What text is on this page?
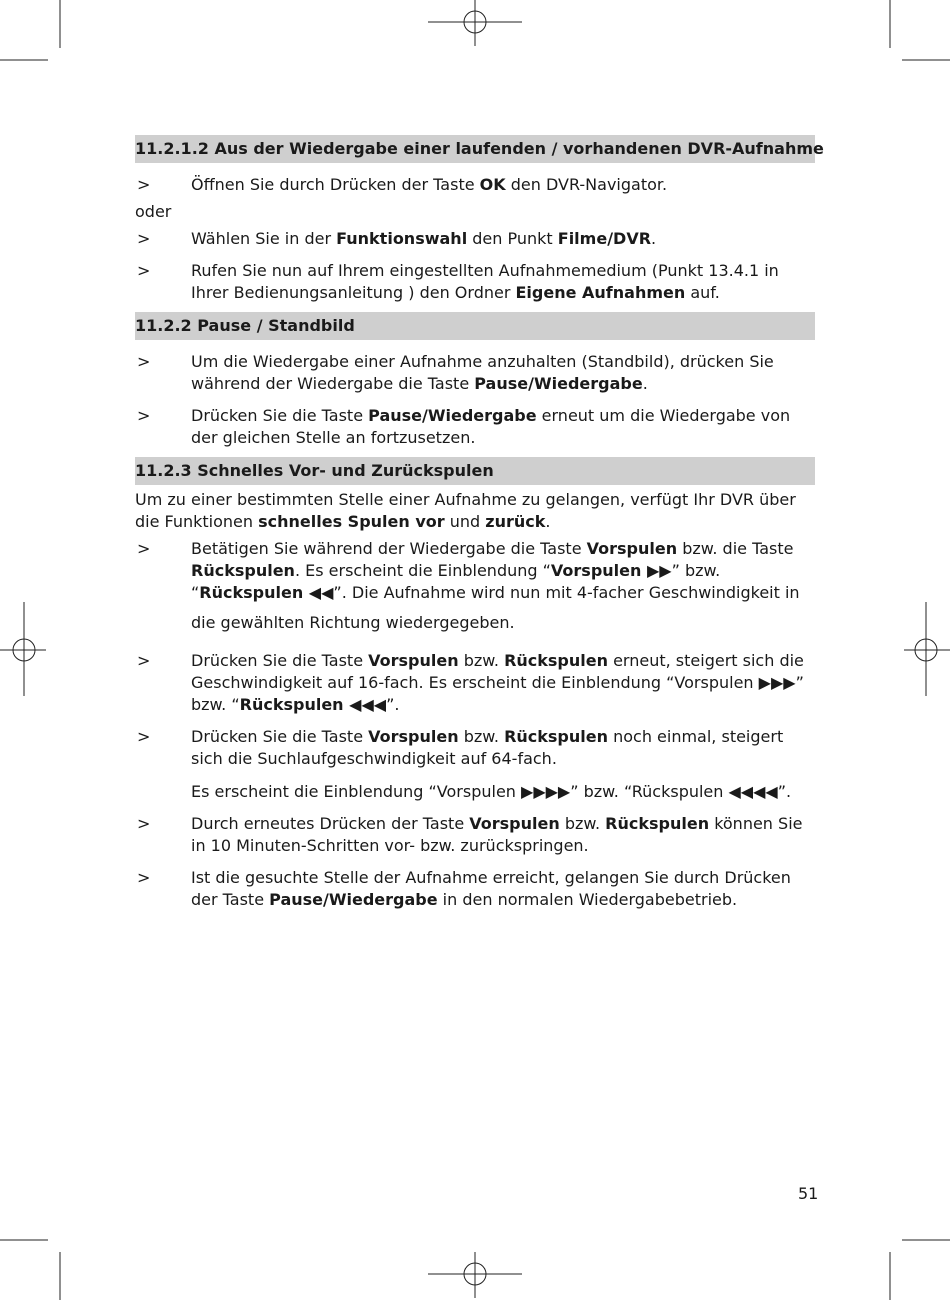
11.2.1.2 Aus der Wiedergabe einer laufenden / vorhandenen DVR-Aufnahme
>	Öffnen Sie durch Drücken der Taste OK den DVR-Navigator.
oder
>	Wählen Sie in der Funktionswahl den Punkt Filme/DVR.
>	Rufen Sie nun auf Ihrem eingestellten Aufnahmemedium (Punkt 13.4.1 in Ihrer Bedienungsanleitung ) den Ordner Eigene Aufnahmen auf.
11.2.2 Pause / Standbild
>	Um die Wiedergabe einer Aufnahme anzuhalten (Standbild), drücken Sie während der Wiedergabe die Taste Pause/Wiedergabe.
>	Drücken Sie die Taste Pause/Wiedergabe erneut um die Wiedergabe von der gleichen Stelle an fortzusetzen.
11.2.3 Schnelles Vor- und Zurückspulen
Um zu einer bestimmten Stelle einer Aufnahme zu gelangen, verfügt Ihr DVR über die Funktionen schnelles Spulen vor und zurück.
>	Betätigen Sie während der Wiedergabe die Taste Vorspulen bzw. die Taste Rückspulen. Es erscheint die Einblendung “Vorspulen ▶▶” bzw. “Rückspulen ◀◀”. Die Aufnahme wird nun mit 4-facher Geschwindigkeit in
die gewählten Richtung wiedergegeben.
>	Drücken Sie die Taste Vorspulen bzw. Rückspulen erneut, steigert sich die Geschwindigkeit auf 16-fach. Es erscheint die Einblendung “Vorspulen ▶▶▶” bzw. “Rückspulen ◀◀◀”.
>	Drücken Sie die Taste Vorspulen bzw. Rückspulen noch einmal, steigert sich die Suchlaufgeschwindigkeit auf 64-fach.
Es erscheint die Einblendung “Vorspulen ▶▶▶▶” bzw. “Rückspulen ◀◀◀◀”.
>	Durch erneutes Drücken der Taste Vorspulen bzw. Rückspulen können Sie in 10 Minuten-Schritten vor- bzw. zurückspringen.
>	Ist die gesuchte Stelle der Aufnahme erreicht, gelangen Sie durch Drücken der Taste Pause/Wiedergabe in den normalen Wiedergabebetrieb.
51
